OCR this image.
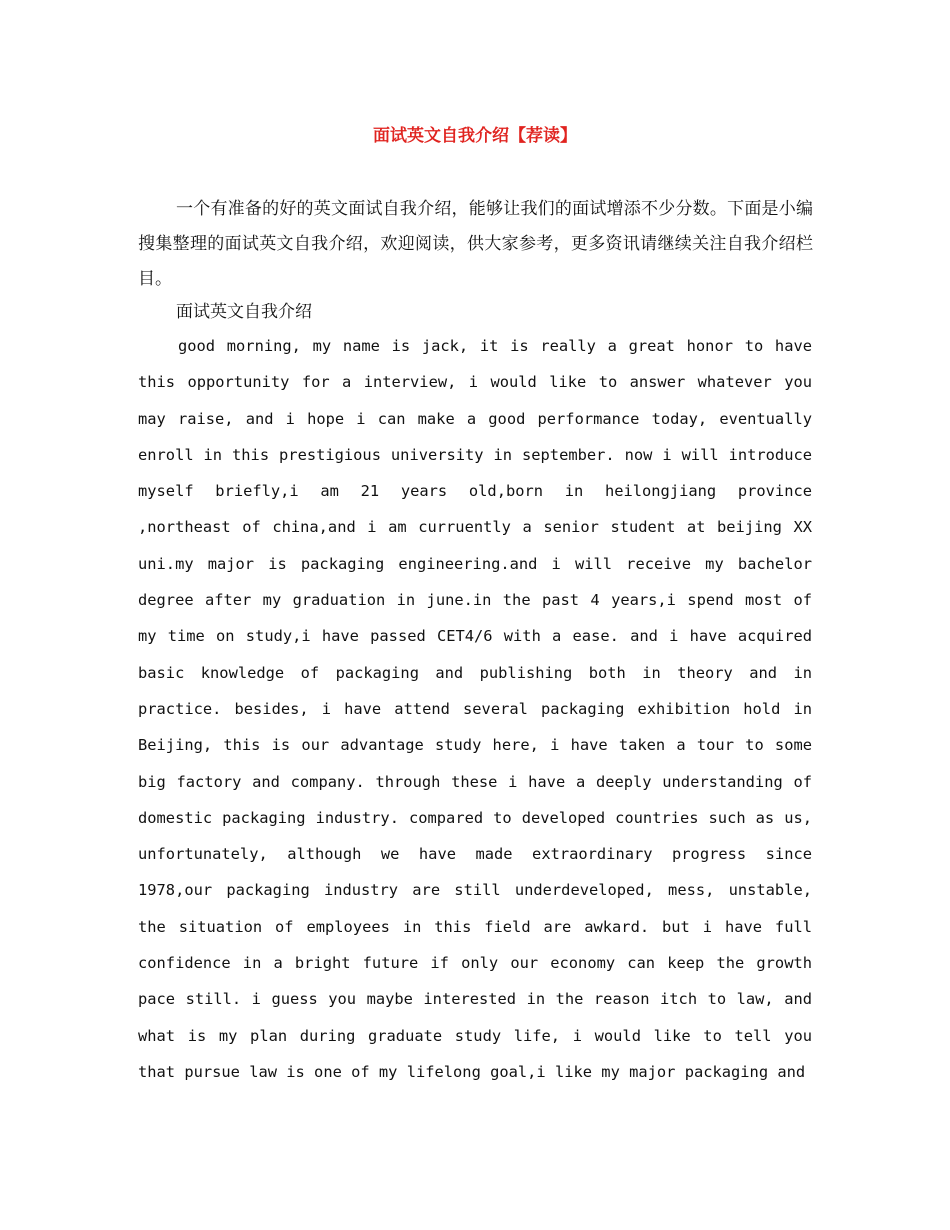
面试英文自我介绍【荐读】

一个有准备的好的英文面试自我介绍，能够让我们的面试增添不少分数。下面是小编搜集整理的面试英文自我介绍，欢迎阅读，供大家参考，更多资讯请继续关注自我介绍栏目。

面试英文自我介绍

good morning, my name is jack, it is really a great honor to have this opportunity for a interview, i would like to answer whatever you may raise, and i hope i can make a good performance today, eventually enroll in this prestigious university in september. now i will introduce myself briefly,i am 21 years old,born in heilongjiang province ,northeast of china,and i am curruently a senior student at beijing XX uni.my major is packaging engineering.and i will receive my bachelor degree after my graduation in june.in the past 4 years,i spend most of my time on study,i have passed CET4/6 with a ease. and i have acquired basic knowledge of packaging and publishing both in theory and in practice. besides, i have attend several packaging exhibition hold in Beijing, this is our advantage study here, i have taken a tour to some big factory and company. through these i have a deeply understanding of domestic packaging industry. compared to developed countries such as us, unfortunately, although we have made extraordinary progress since 1978,our packaging industry are still underdeveloped, mess, unstable, the situation of employees in this field are awkard. but i have full confidence in a bright future if only our economy can keep the growth pace still. i guess you maybe interested in the reason itch to law, and what is my plan during graduate study life, i would like to tell you that pursue law is one of my lifelong goal,i like my major packaging and
